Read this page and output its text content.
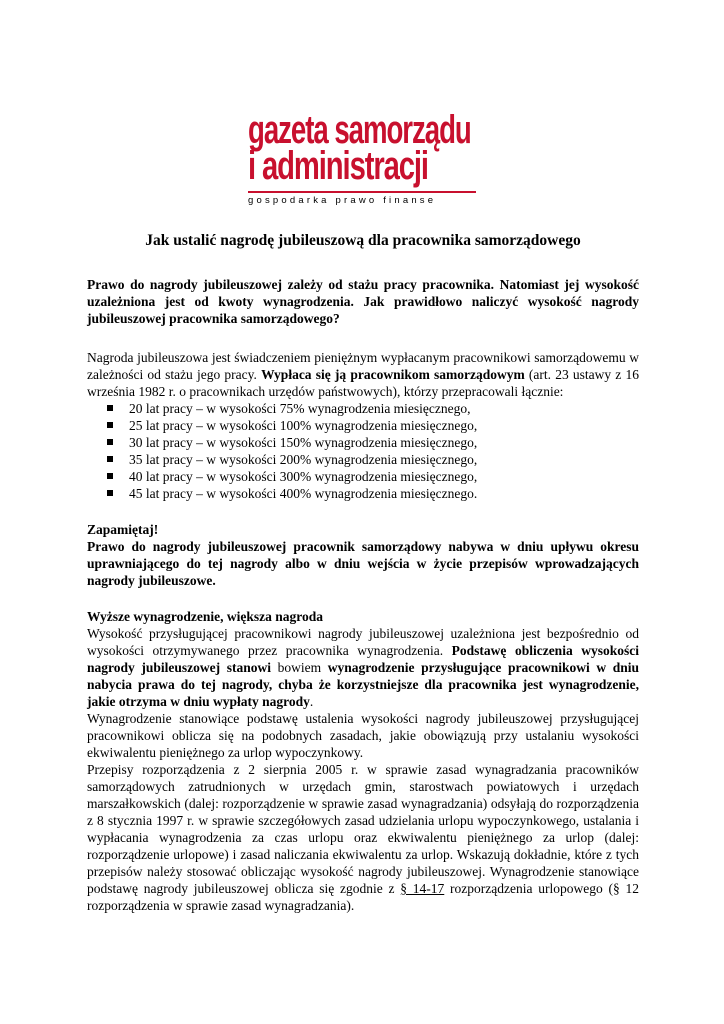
gazeta samorządu
i administracji
gospodarka prawo finanse
Jak ustalić nagrodę jubileuszową dla pracownika samorządowego

Prawo do nagrody jubileuszowej zależy od stażu pracy pracownika. Natomiast jej wysokość uzależniona jest od kwoty wynagrodzenia. Jak prawidłowo naliczyć wysokość nagrody jubileuszowej pracownika samorządowego?

Nagroda jubileuszowa jest świadczeniem pieniężnym wypłacanym pracownikowi samorządowemu w zależności od stażu jego pracy. Wypłaca się ją pracownikom samorządowym (art. 23 ustawy z 16 września 1982 r. o pracownikach urzędów państwowych), którzy przepracowali łącznie:

20 lat pracy – w wysokości 75% wynagrodzenia miesięcznego,
25 lat pracy – w wysokości 100% wynagrodzenia miesięcznego,
30 lat pracy – w wysokości 150% wynagrodzenia miesięcznego,
35 lat pracy – w wysokości 200% wynagrodzenia miesięcznego,
40 lat pracy – w wysokości 300% wynagrodzenia miesięcznego,
45 lat pracy – w wysokości 400% wynagrodzenia miesięcznego.

Zapamiętaj!

Prawo do nagrody jubileuszowej pracownik samorządowy nabywa w dniu upływu okresu uprawniającego do tej nagrody albo w dniu wejścia w życie przepisów wprowadzających nagrody jubileuszowe.

Wyższe wynagrodzenie, większa nagroda

Wysokość przysługującej pracownikowi nagrody jubileuszowej uzależniona jest bezpośrednio od wysokości otrzymywanego przez pracownika wynagrodzenia. Podstawę obliczenia wysokości nagrody jubileuszowej stanowi bowiem wynagrodzenie przysługujące pracownikowi w dniu nabycia prawa do tej nagrody, chyba że korzystniejsze dla pracownika jest wynagrodzenie, jakie otrzyma w dniu wypłaty nagrody.

Wynagrodzenie stanowiące podstawę ustalenia wysokości nagrody jubileuszowej przysługującej pracownikowi oblicza się na podobnych zasadach, jakie obowiązują przy ustalaniu wysokości ekwiwalentu pieniężnego za urlop wypoczynkowy.

Przepisy rozporządzenia z 2 sierpnia 2005 r. w sprawie zasad wynagradzania pracowników samorządowych zatrudnionych w urzędach gmin, starostwach powiatowych i urzędach marszałkowskich (dalej: rozporządzenie w sprawie zasad wynagradzania) odsyłają do rozporządzenia z 8 stycznia 1997 r. w sprawie szczegółowych zasad udzielania urlopu wypoczynkowego, ustalania i wypłacania wynagrodzenia za czas urlopu oraz ekwiwalentu pieniężnego za urlop (dalej: rozporządzenie urlopowe) i zasad naliczania ekwiwalentu za urlop. Wskazują dokładnie, które z tych przepisów należy stosować obliczając wysokość nagrody jubileuszowej. Wynagrodzenie stanowiące podstawę nagrody jubileuszowej oblicza się zgodnie z § 14-17 rozporządzenia urlopowego (§ 12 rozporządzenia w sprawie zasad wynagradzania).
